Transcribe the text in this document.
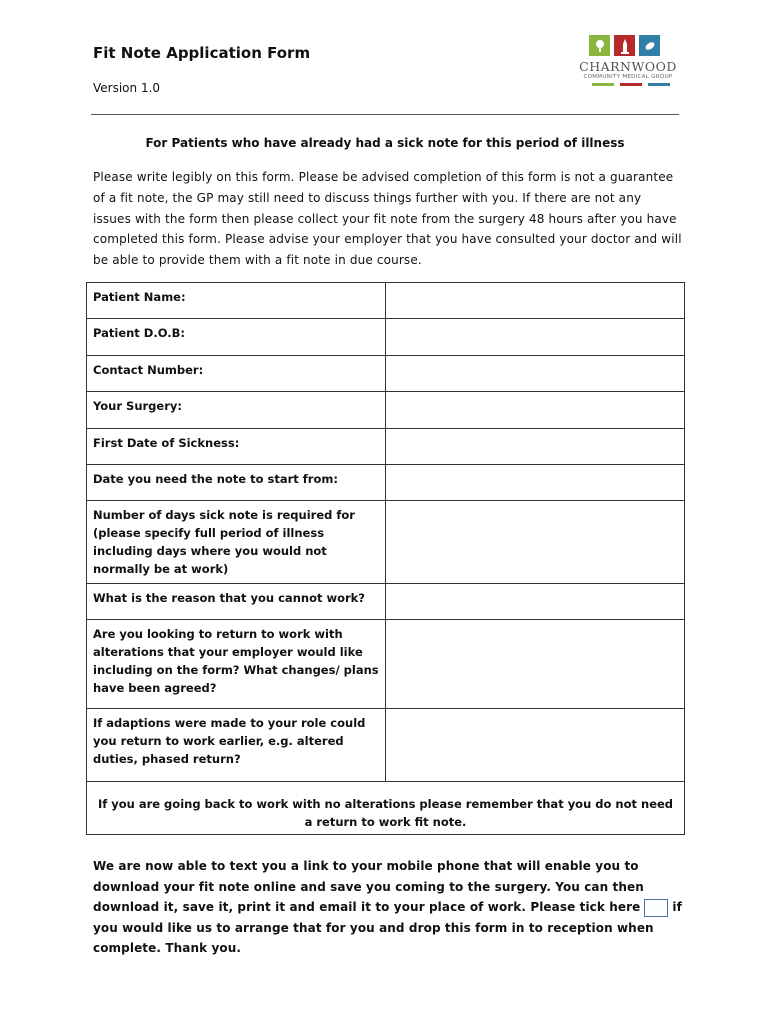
Fit Note Application Form
Version 1.0
CHARNWOOD
COMMUNITY MEDICAL GROUP
For Patients who have already had a sick note for this period of illness
Please write legibly on this form. Please be advised completion of this form is not a guarantee of a fit note, the GP may still need to discuss things further with you. If there are not any issues with the form then please collect your fit note from the surgery 48 hours after you have completed this form. Please advise your employer that you have consulted your doctor and will be able to provide them with a fit note in due course.
Patient Name:	
Patient D.O.B:	
Contact Number:	
Your Surgery:	
First Date of Sickness:	
Date you need the note to start from:	
Number of days sick note is required for (please specify full period of illness including days where you would not normally be at work)	
What is the reason that you cannot work?	
Are you looking to return to work with alterations that your employer would like including on the form? What changes/ plans have been agreed?	
If adaptions were made to your role could you return to work earlier, e.g. altered duties, phased return?	
If you are going back to work with no alterations please remember that you do not need a return to work fit note.	
We are now able to text you a link to your mobile phone that will enable you to download your fit note online and save you coming to the surgery. You can then download it, save it, print it and email it to your place of work. Please tick here	if you would like us to arrange that for you and drop this form in to reception when complete. Thank you.
